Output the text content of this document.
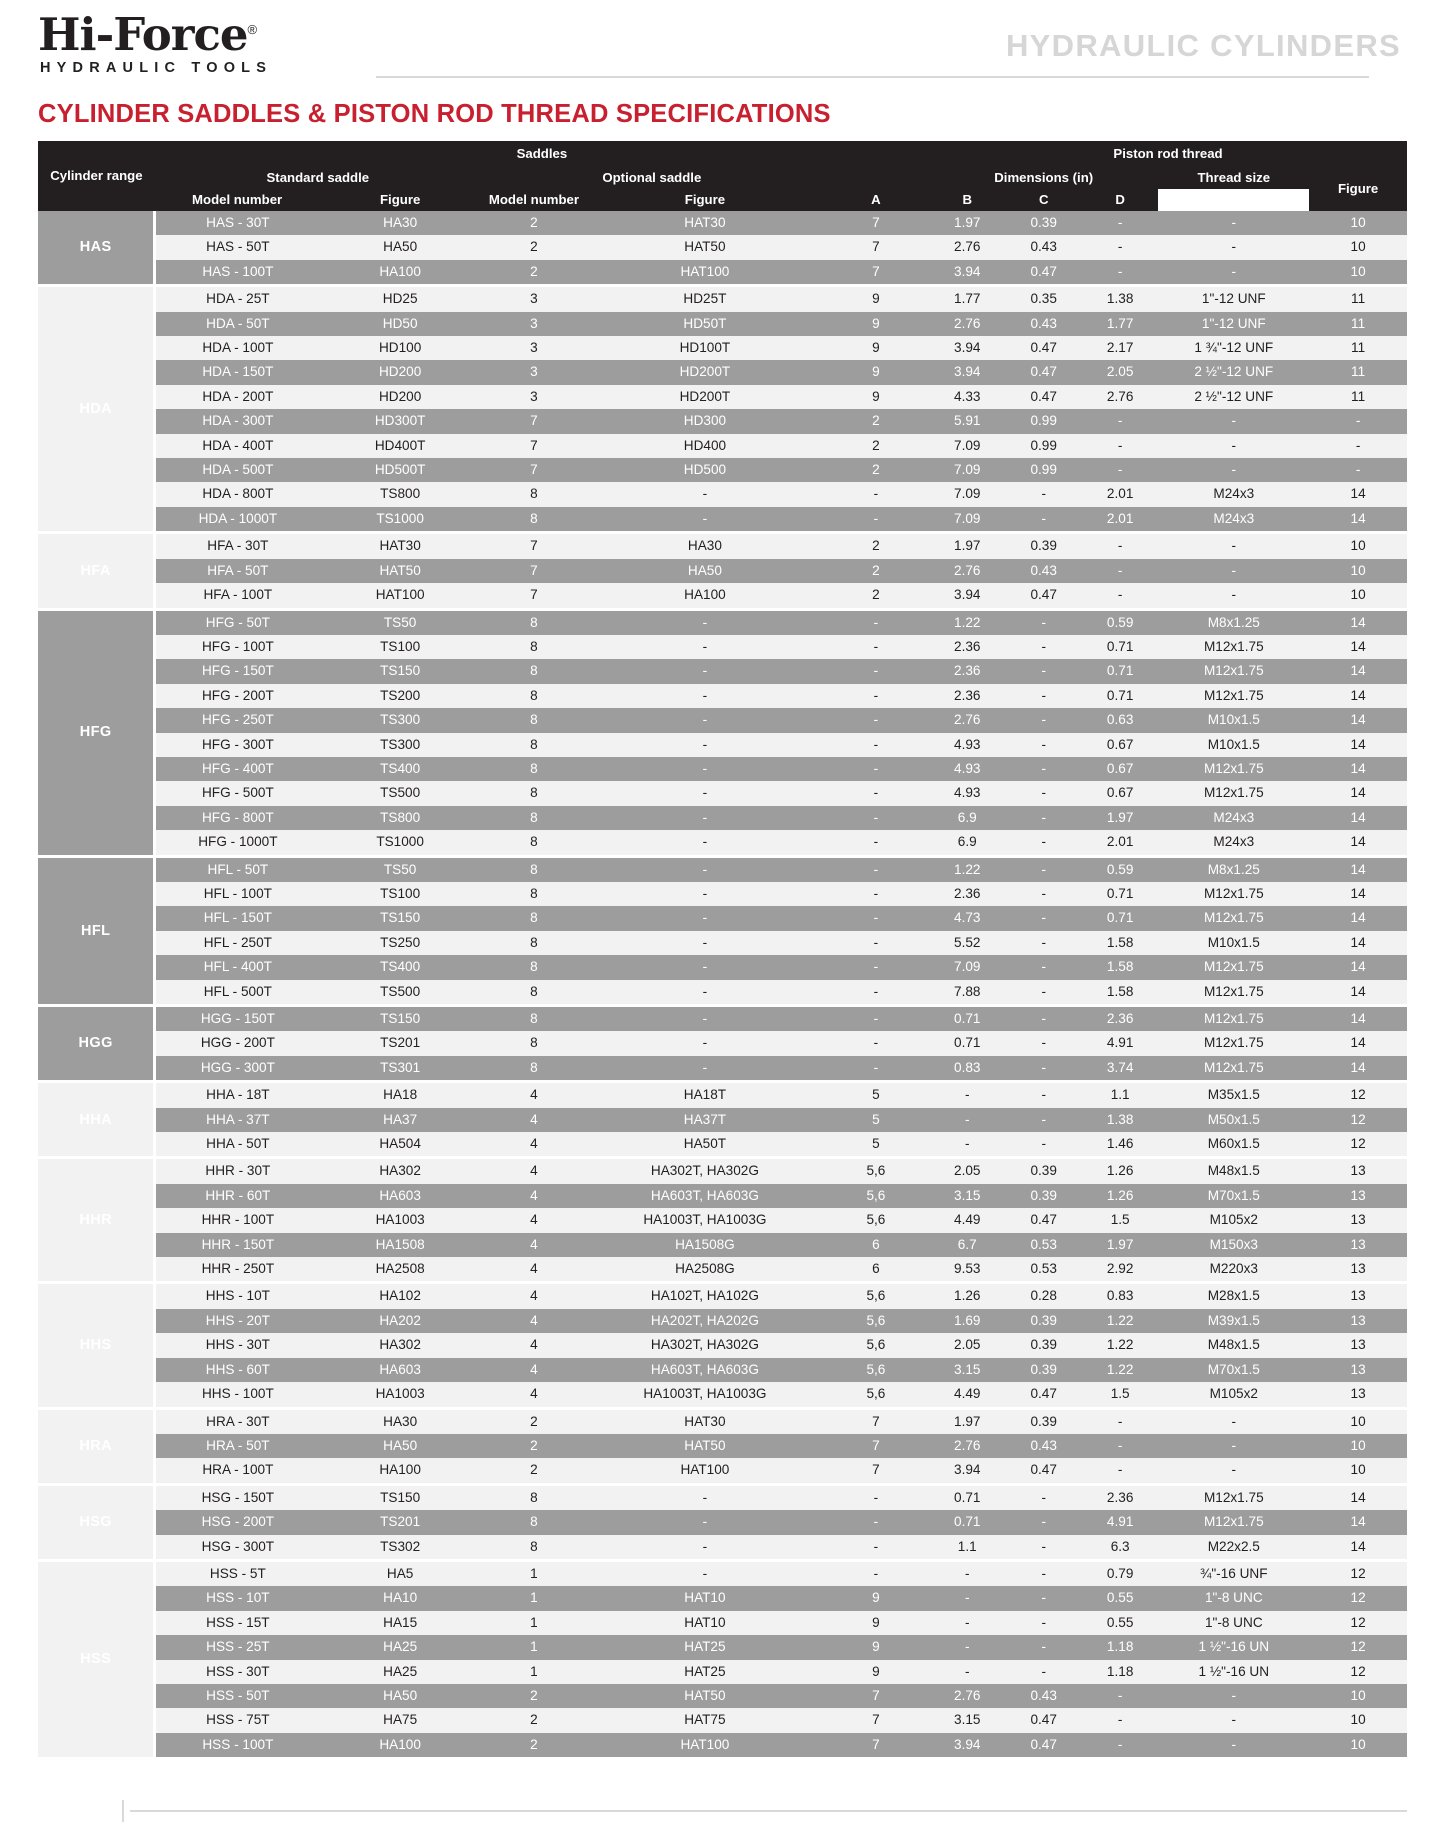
Hi-Force®
HYDRAULIC TOOLS
HYDRAULIC CYLINDERS
CYLINDER SADDLES & PISTON ROD THREAD SPECIFICATIONS
Cylinder range	Saddles					Piston rod thread				
	Standard saddle		Optional saddle			Dimensions (in)			Thread size	Figure
	Model number	Figure	Model number	Figure	A	B	C	D		
HAS	HAS - 30T	HA30	2	HAT30	7	1.97	0.39	-	-	10
	HAS - 50T	HA50	2	HAT50	7	2.76	0.43	-	-	10
	HAS - 100T	HA100	2	HAT100	7	3.94	0.47	-	-	10
HDA	HDA - 25T	HD25	3	HD25T	9	1.77	0.35	1.38	1"-12 UNF	11
	HDA - 50T	HD50	3	HD50T	9	2.76	0.43	1.77	1"-12 UNF	11
	HDA - 100T	HD100	3	HD100T	9	3.94	0.47	2.17	1 ¾"-12 UNF	11
	HDA - 150T	HD200	3	HD200T	9	3.94	0.47	2.05	2 ½"-12 UNF	11
	HDA - 200T	HD200	3	HD200T	9	4.33	0.47	2.76	2 ½"-12 UNF	11
	HDA - 300T	HD300T	7	HD300	2	5.91	0.99	-	-	-
	HDA - 400T	HD400T	7	HD400	2	7.09	0.99	-	-	-
	HDA - 500T	HD500T	7	HD500	2	7.09	0.99	-	-	-
	HDA - 800T	TS800	8	-	-	7.09	-	2.01	M24x3	14
	HDA - 1000T	TS1000	8	-	-	7.09	-	2.01	M24x3	14
HFA	HFA - 30T	HAT30	7	HA30	2	1.97	0.39	-	-	10
	HFA - 50T	HAT50	7	HA50	2	2.76	0.43	-	-	10
	HFA - 100T	HAT100	7	HA100	2	3.94	0.47	-	-	10
HFG	HFG - 50T	TS50	8	-	-	1.22	-	0.59	M8x1.25	14
	HFG - 100T	TS100	8	-	-	2.36	-	0.71	M12x1.75	14
	HFG - 150T	TS150	8	-	-	2.36	-	0.71	M12x1.75	14
	HFG - 200T	TS200	8	-	-	2.36	-	0.71	M12x1.75	14
	HFG - 250T	TS300	8	-	-	2.76	-	0.63	M10x1.5	14
	HFG - 300T	TS300	8	-	-	4.93	-	0.67	M10x1.5	14
	HFG - 400T	TS400	8	-	-	4.93	-	0.67	M12x1.75	14
	HFG - 500T	TS500	8	-	-	4.93	-	0.67	M12x1.75	14
	HFG - 800T	TS800	8	-	-	6.9	-	1.97	M24x3	14
	HFG - 1000T	TS1000	8	-	-	6.9	-	2.01	M24x3	14
HFL	HFL - 50T	TS50	8	-	-	1.22	-	0.59	M8x1.25	14
	HFL - 100T	TS100	8	-	-	2.36	-	0.71	M12x1.75	14
	HFL - 150T	TS150	8	-	-	4.73	-	0.71	M12x1.75	14
	HFL - 250T	TS250	8	-	-	5.52	-	1.58	M10x1.5	14
	HFL - 400T	TS400	8	-	-	7.09	-	1.58	M12x1.75	14
	HFL - 500T	TS500	8	-	-	7.88	-	1.58	M12x1.75	14
HGG	HGG - 150T	TS150	8	-	-	0.71	-	2.36	M12x1.75	14
	HGG - 200T	TS201	8	-	-	0.71	-	4.91	M12x1.75	14
	HGG - 300T	TS301	8	-	-	0.83	-	3.74	M12x1.75	14
HHA	HHA - 18T	HA18	4	HA18T	5	-	-	1.1	M35x1.5	12
	HHA - 37T	HA37	4	HA37T	5	-	-	1.38	M50x1.5	12
	HHA - 50T	HA504	4	HA50T	5	-	-	1.46	M60x1.5	12
HHR	HHR - 30T	HA302	4	HA302T, HA302G	5,6	2.05	0.39	1.26	M48x1.5	13
	HHR - 60T	HA603	4	HA603T, HA603G	5,6	3.15	0.39	1.26	M70x1.5	13
	HHR - 100T	HA1003	4	HA1003T, HA1003G	5,6	4.49	0.47	1.5	M105x2	13
	HHR - 150T	HA1508	4	HA1508G	6	6.7	0.53	1.97	M150x3	13
	HHR - 250T	HA2508	4	HA2508G	6	9.53	0.53	2.92	M220x3	13
HHS	HHS - 10T	HA102	4	HA102T, HA102G	5,6	1.26	0.28	0.83	M28x1.5	13
	HHS - 20T	HA202	4	HA202T, HA202G	5,6	1.69	0.39	1.22	M39x1.5	13
	HHS - 30T	HA302	4	HA302T, HA302G	5,6	2.05	0.39	1.22	M48x1.5	13
	HHS - 60T	HA603	4	HA603T, HA603G	5,6	3.15	0.39	1.22	M70x1.5	13
	HHS - 100T	HA1003	4	HA1003T, HA1003G	5,6	4.49	0.47	1.5	M105x2	13
HRA	HRA - 30T	HA30	2	HAT30	7	1.97	0.39	-	-	10
	HRA - 50T	HA50	2	HAT50	7	2.76	0.43	-	-	10
	HRA - 100T	HA100	2	HAT100	7	3.94	0.47	-	-	10
HSG	HSG - 150T	TS150	8	-	-	0.71	-	2.36	M12x1.75	14
	HSG - 200T	TS201	8	-	-	0.71	-	4.91	M12x1.75	14
	HSG - 300T	TS302	8	-	-	1.1	-	6.3	M22x2.5	14
HSS	HSS - 5T	HA5	1	-	-	-	-	0.79	¾"-16 UNF	12
	HSS - 10T	HA10	1	HAT10	9	-	-	0.55	1"-8 UNC	12
	HSS - 15T	HA15	1	HAT10	9	-	-	0.55	1"-8 UNC	12
	HSS - 25T	HA25	1	HAT25	9	-	-	1.18	1 ½"-16 UN	12
	HSS - 30T	HA25	1	HAT25	9	-	-	1.18	1 ½"-16 UN	12
	HSS - 50T	HA50	2	HAT50	7	2.76	0.43	-	-	10
	HSS - 75T	HA75	2	HAT75	7	3.15	0.47	-	-	10
	HSS - 100T	HA100	2	HAT100	7	3.94	0.47	-	-	10
